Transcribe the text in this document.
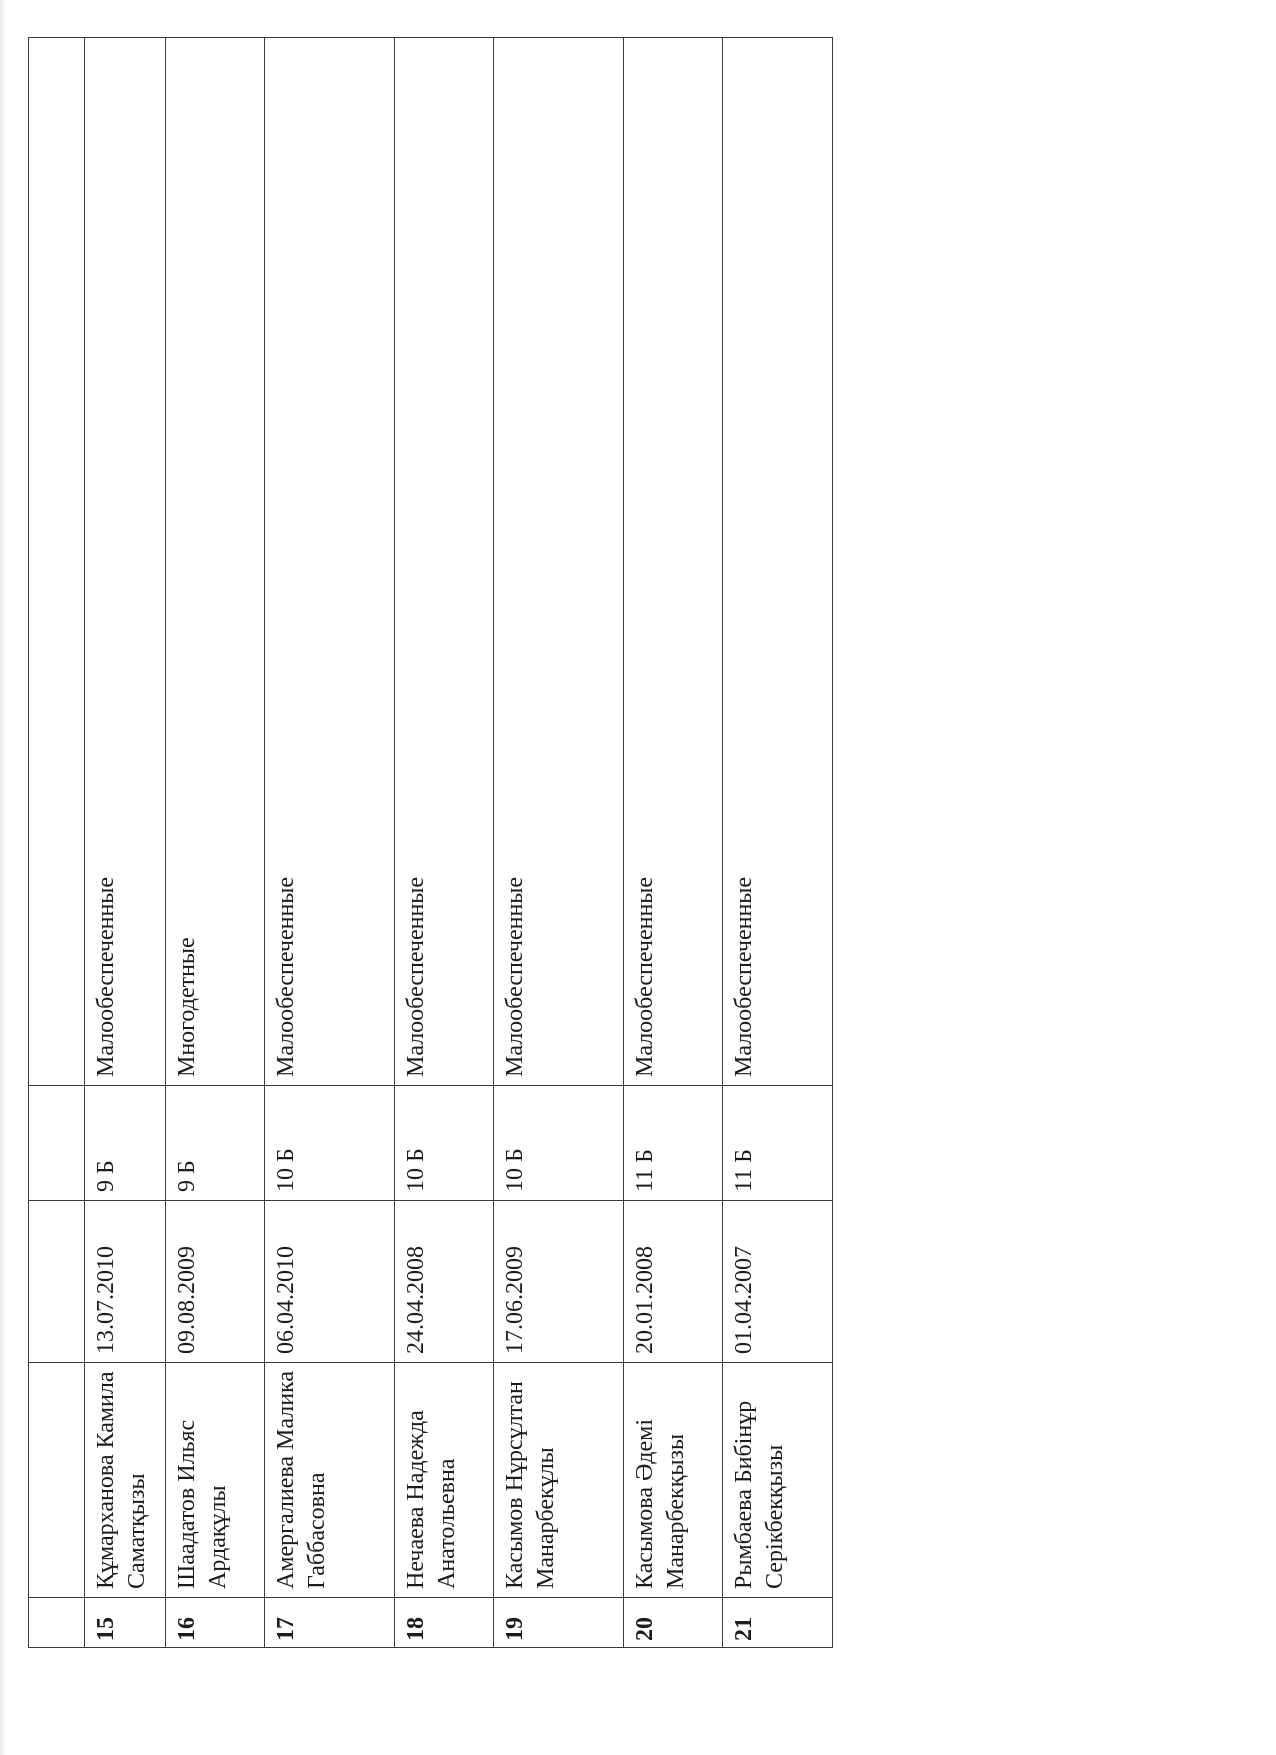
15	Құмарханова Камила Саматқызы	13.07.2010	9 Б	Малообеспеченные
16	Шаадатов Ильяс Ардақұлы	09.08.2009	9 Б	Многодетные
17	Амергалиева Малика Габбасовна	06.04.2010	10 Б	Малообеспеченные
18	Нечаева Надежда Анатольевна	24.04.2008	10 Б	Малообеспеченные
19	Касымов Нұрсұлтан Манарбекұлы	17.06.2009	10 Б	Малообеспеченные
20	Касымова Әдемі Манарбекқызы	20.01.2008	11 Б	Малообеспеченные
21	Рымбаева Бибінұр Серікбекқызы	01.04.2007	11 Б	Малообеспеченные
